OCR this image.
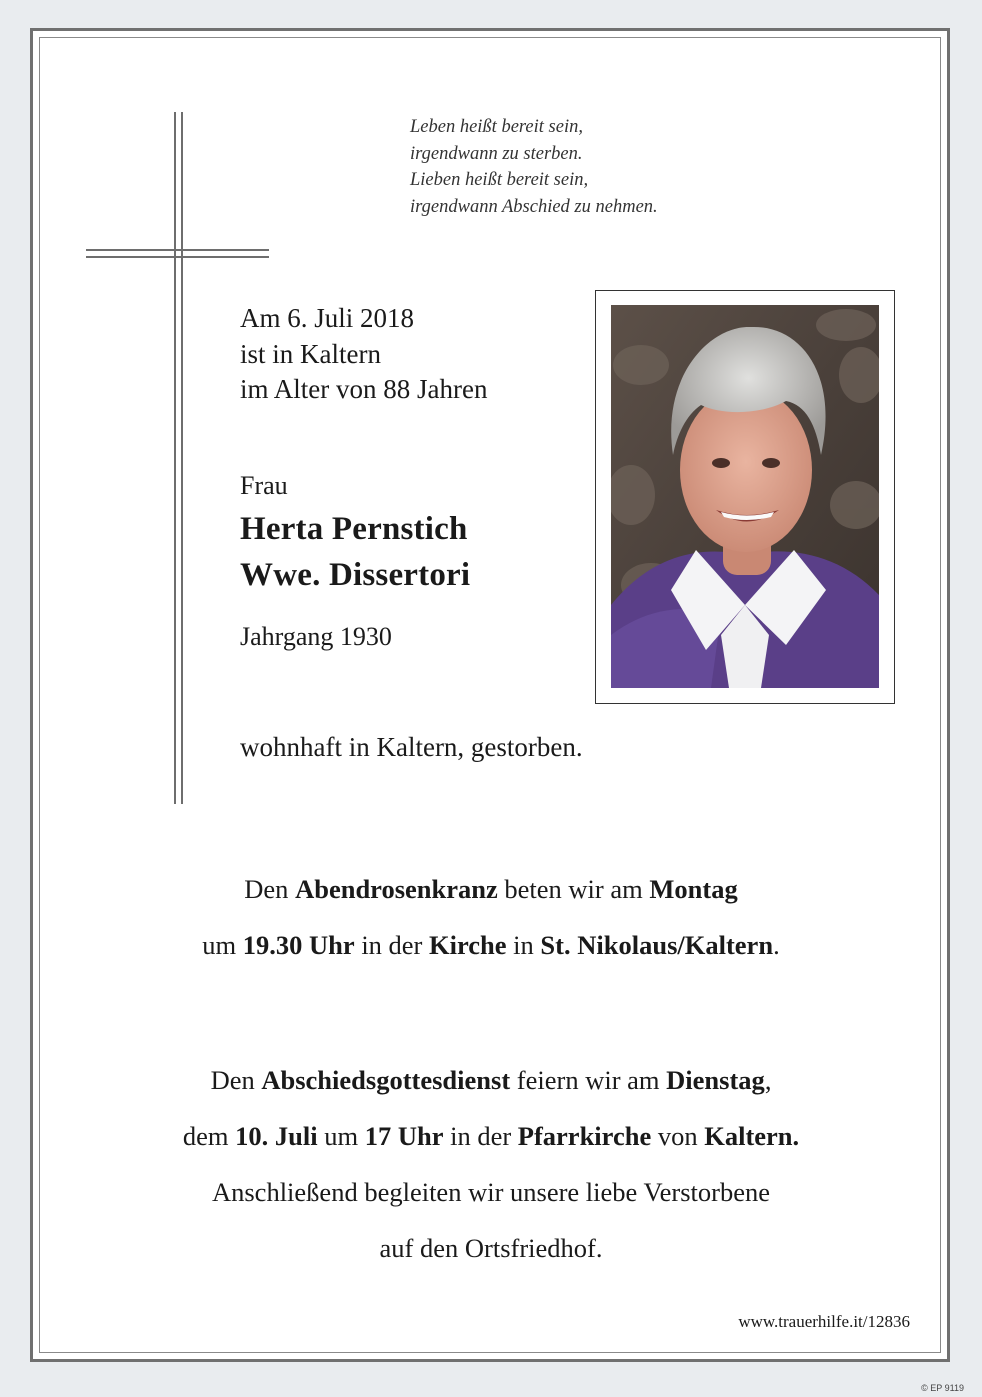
Leben heißt bereit sein,
irgendwann zu sterben.
Lieben heißt bereit sein,
irgendwann Abschied zu nehmen.
Am 6. Juli 2018
ist in Kaltern
im Alter von 88 Jahren
Frau
Herta Pernstich
Wwe. Dissertori
Jahrgang 1930
wohnhaft in Kaltern, gestorben.
Den Abendrosenkranz beten wir am Montag
um 19.30 Uhr in der Kirche in St. Nikolaus/Kaltern.
Den Abschiedsgottesdienst feiern wir am Dienstag,
dem 10. Juli um 17 Uhr in der Pfarrkirche von Kaltern.
Anschließend begleiten wir unsere liebe Verstorbene
auf den Ortsfriedhof.
www.trauerhilfe.it/12836
© EP 9119
